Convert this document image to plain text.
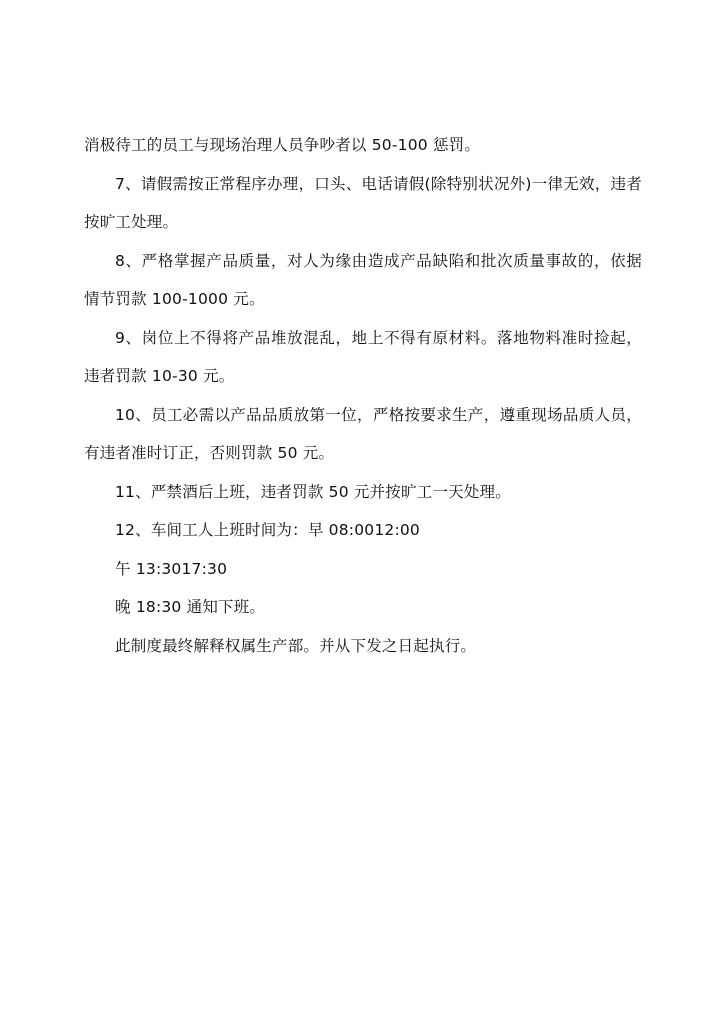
消极待工的员工与现场治理人员争吵者以 50-100 惩罚。

7、请假需按正常程序办理，口头、电话请假(除特别状况外)一律无效，违者按旷工处理。

8、严格掌握产品质量，对人为缘由造成产品缺陷和批次质量事故的，依据情节罚款 100-1000 元。

9、岗位上不得将产品堆放混乱，地上不得有原材料。落地物料准时捡起，违者罚款 10-30 元。

10、员工必需以产品品质放第一位，严格按要求生产，遵重现场品质人员，有违者准时订正，否则罚款 50 元。

11、严禁酒后上班，违者罚款 50 元并按旷工一天处理。

12、车间工人上班时间为：早 08:0012:00

午 13:3017:30

晚 18:30 通知下班。

此制度最终解释权属生产部。并从下发之日起执行。
